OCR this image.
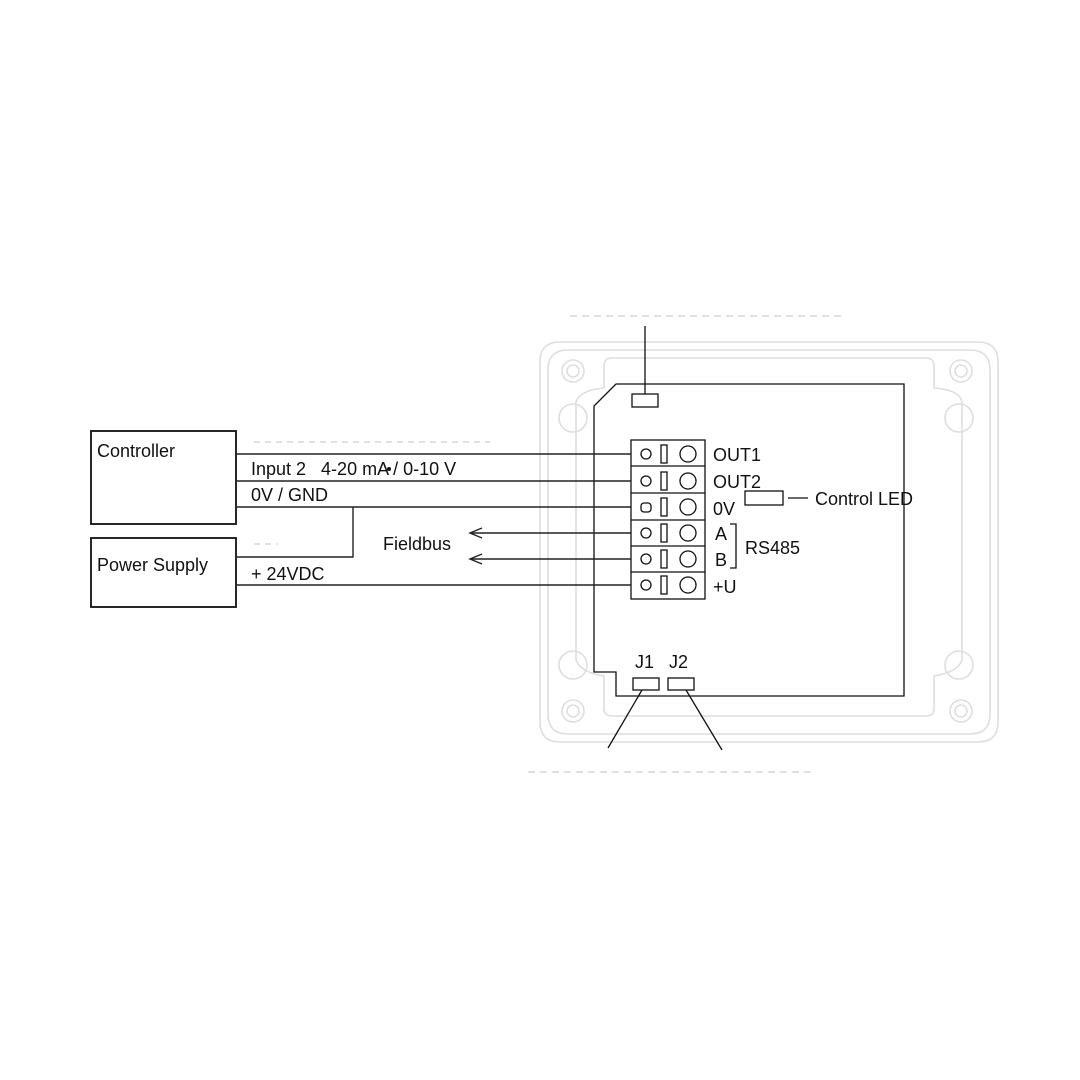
OUT1
OUT2
0V
A
B
+U
RS485
Control LED
J1 J2
Controller
Power Supply
Fieldbus
Input 2   4-20 mA / 0-10 V
0V / GND
+ 24VDC
